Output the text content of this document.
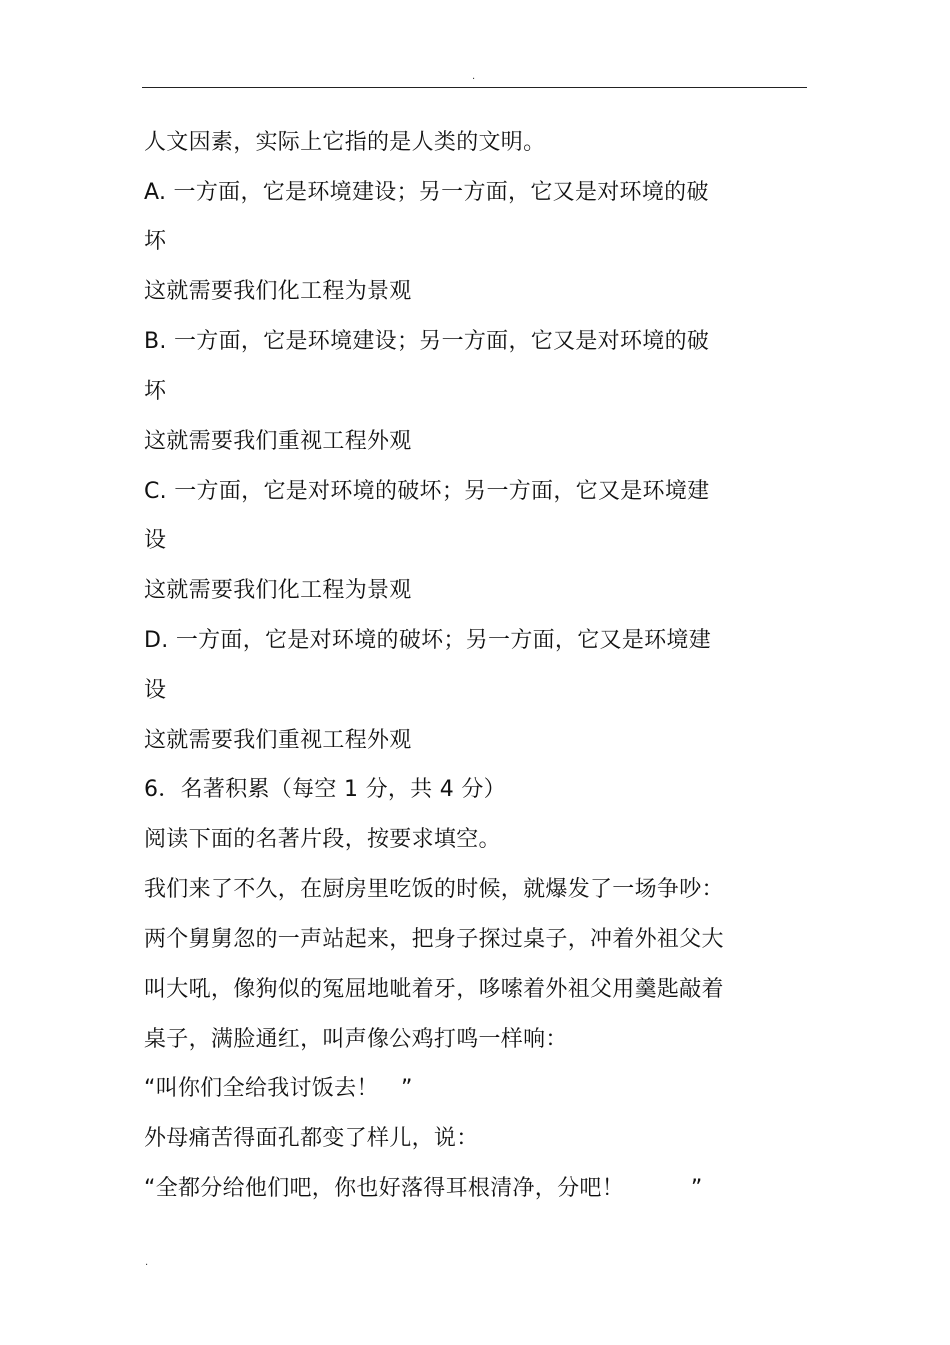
.
人文因素，实际上它指的是人类的文明。
A. 一方面，它是环境建设；另一方面，它又是对环境的破
坏
这就需要我们化工程为景观
B. 一方面，它是环境建设；另一方面，它又是对环境的破
坏
这就需要我们重视工程外观
C. 一方面，它是对环境的破坏；另一方面，它又是环境建
设
这就需要我们化工程为景观
D. 一方面，它是对环境的破坏；另一方面，它又是环境建
设
这就需要我们重视工程外观
6．名著积累（每空 1 分，共 4 分）
阅读下面的名著片段，按要求填空。
我们来了不久，在厨房里吃饭的时候，就爆发了一场争吵：
两个舅舅忽的一声站起来，把身子探过桌子，冲着外祖父大
叫大吼，像狗似的冤屈地呲着牙，哆嗦着外祖父用羹匙敲着
桌子，满脸通红，叫声像公鸡打鸣一样响：
“叫你们全给我讨饭去！　”
外母痛苦得面孔都变了样儿，说：
“全都分给他们吧，你也好落得耳根清净，分吧！　　　”
.
